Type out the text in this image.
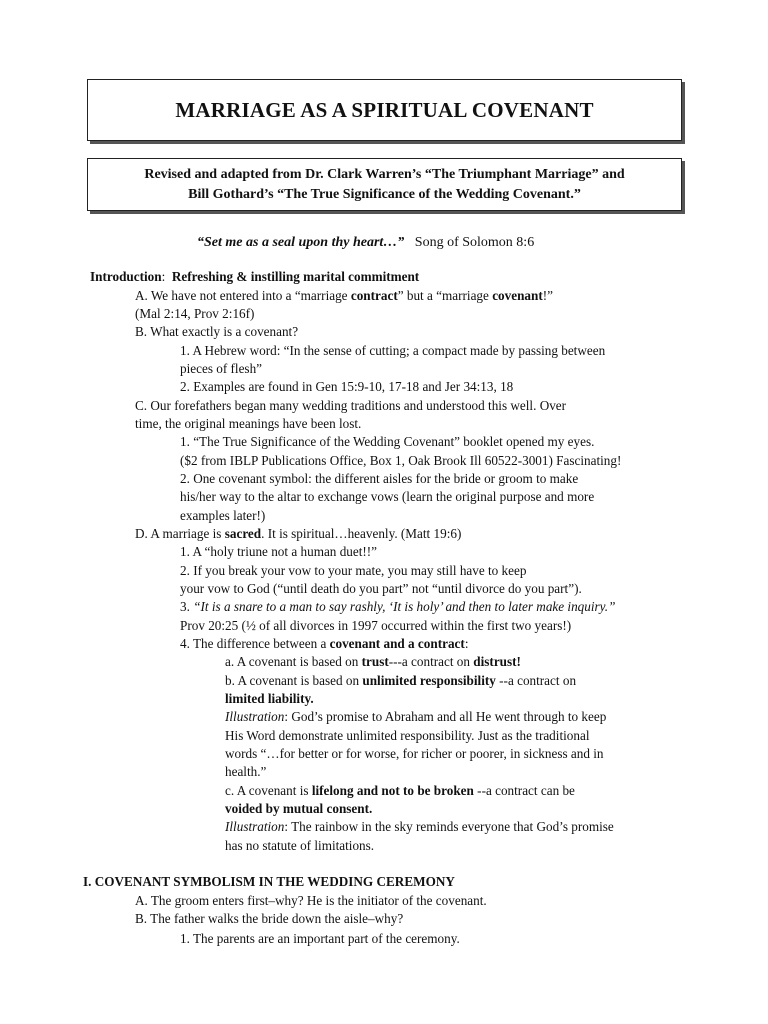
MARRIAGE AS A SPIRITUAL COVENANT
Revised and adapted from Dr. Clark Warren’s “The Triumphant Marriage” and
Bill Gothard’s “The True Significance of the Wedding Covenant.”
“Set me as a seal upon thy heart…” Song of Solomon 8:6
Introduction: Refreshing & instilling marital commitment
A. We have not entered into a “marriage contract” but a “marriage covenant!”
(Mal 2:14, Prov 2:16f)
B. What exactly is a covenant?
1. A Hebrew word: “In the sense of cutting; a compact made by passing between
pieces of flesh”
2. Examples are found in Gen 15:9-10, 17-18 and Jer 34:13, 18
C. Our forefathers began many wedding traditions and understood this well. Over
time, the original meanings have been lost.
1. “The True Significance of the Wedding Covenant” booklet opened my eyes.
($2 from IBLP Publications Office, Box 1, Oak Brook Ill 60522-3001) Fascinating!
2. One covenant symbol: the different aisles for the bride or groom to make
his/her way to the altar to exchange vows (learn the original purpose and more
examples later!)
D. A marriage is sacred. It is spiritual…heavenly. (Matt 19:6)
1. A “holy triune not a human duet!!”
2. If you break your vow to your mate, you may still have to keep
your vow to God (“until death do you part” not “until divorce do you part”).
3. “It is a snare to a man to say rashly, ‘It is holy’ and then to later make inquiry.”
Prov 20:25 (½ of all divorces in 1997 occurred within the first two years!)
4. The difference between a covenant and a contract:
a. A covenant is based on trust---a contract on distrust!
b. A covenant is based on unlimited responsibility --a contract on
limited liability.
Illustration: God’s promise to Abraham and all He went through to keep
His Word demonstrate unlimited responsibility. Just as the traditional
words “…for better or for worse, for richer or poorer, in sickness and in
health.”
c. A covenant is lifelong and not to be broken --a contract can be
voided by mutual consent.
Illustration: The rainbow in the sky reminds everyone that God’s promise
has no statute of limitations.
I. COVENANT SYMBOLISM IN THE WEDDING CEREMONY
A. The groom enters first–why? He is the initiator of the covenant.
B. The father walks the bride down the aisle–why?
1. The parents are an important part of the ceremony.
